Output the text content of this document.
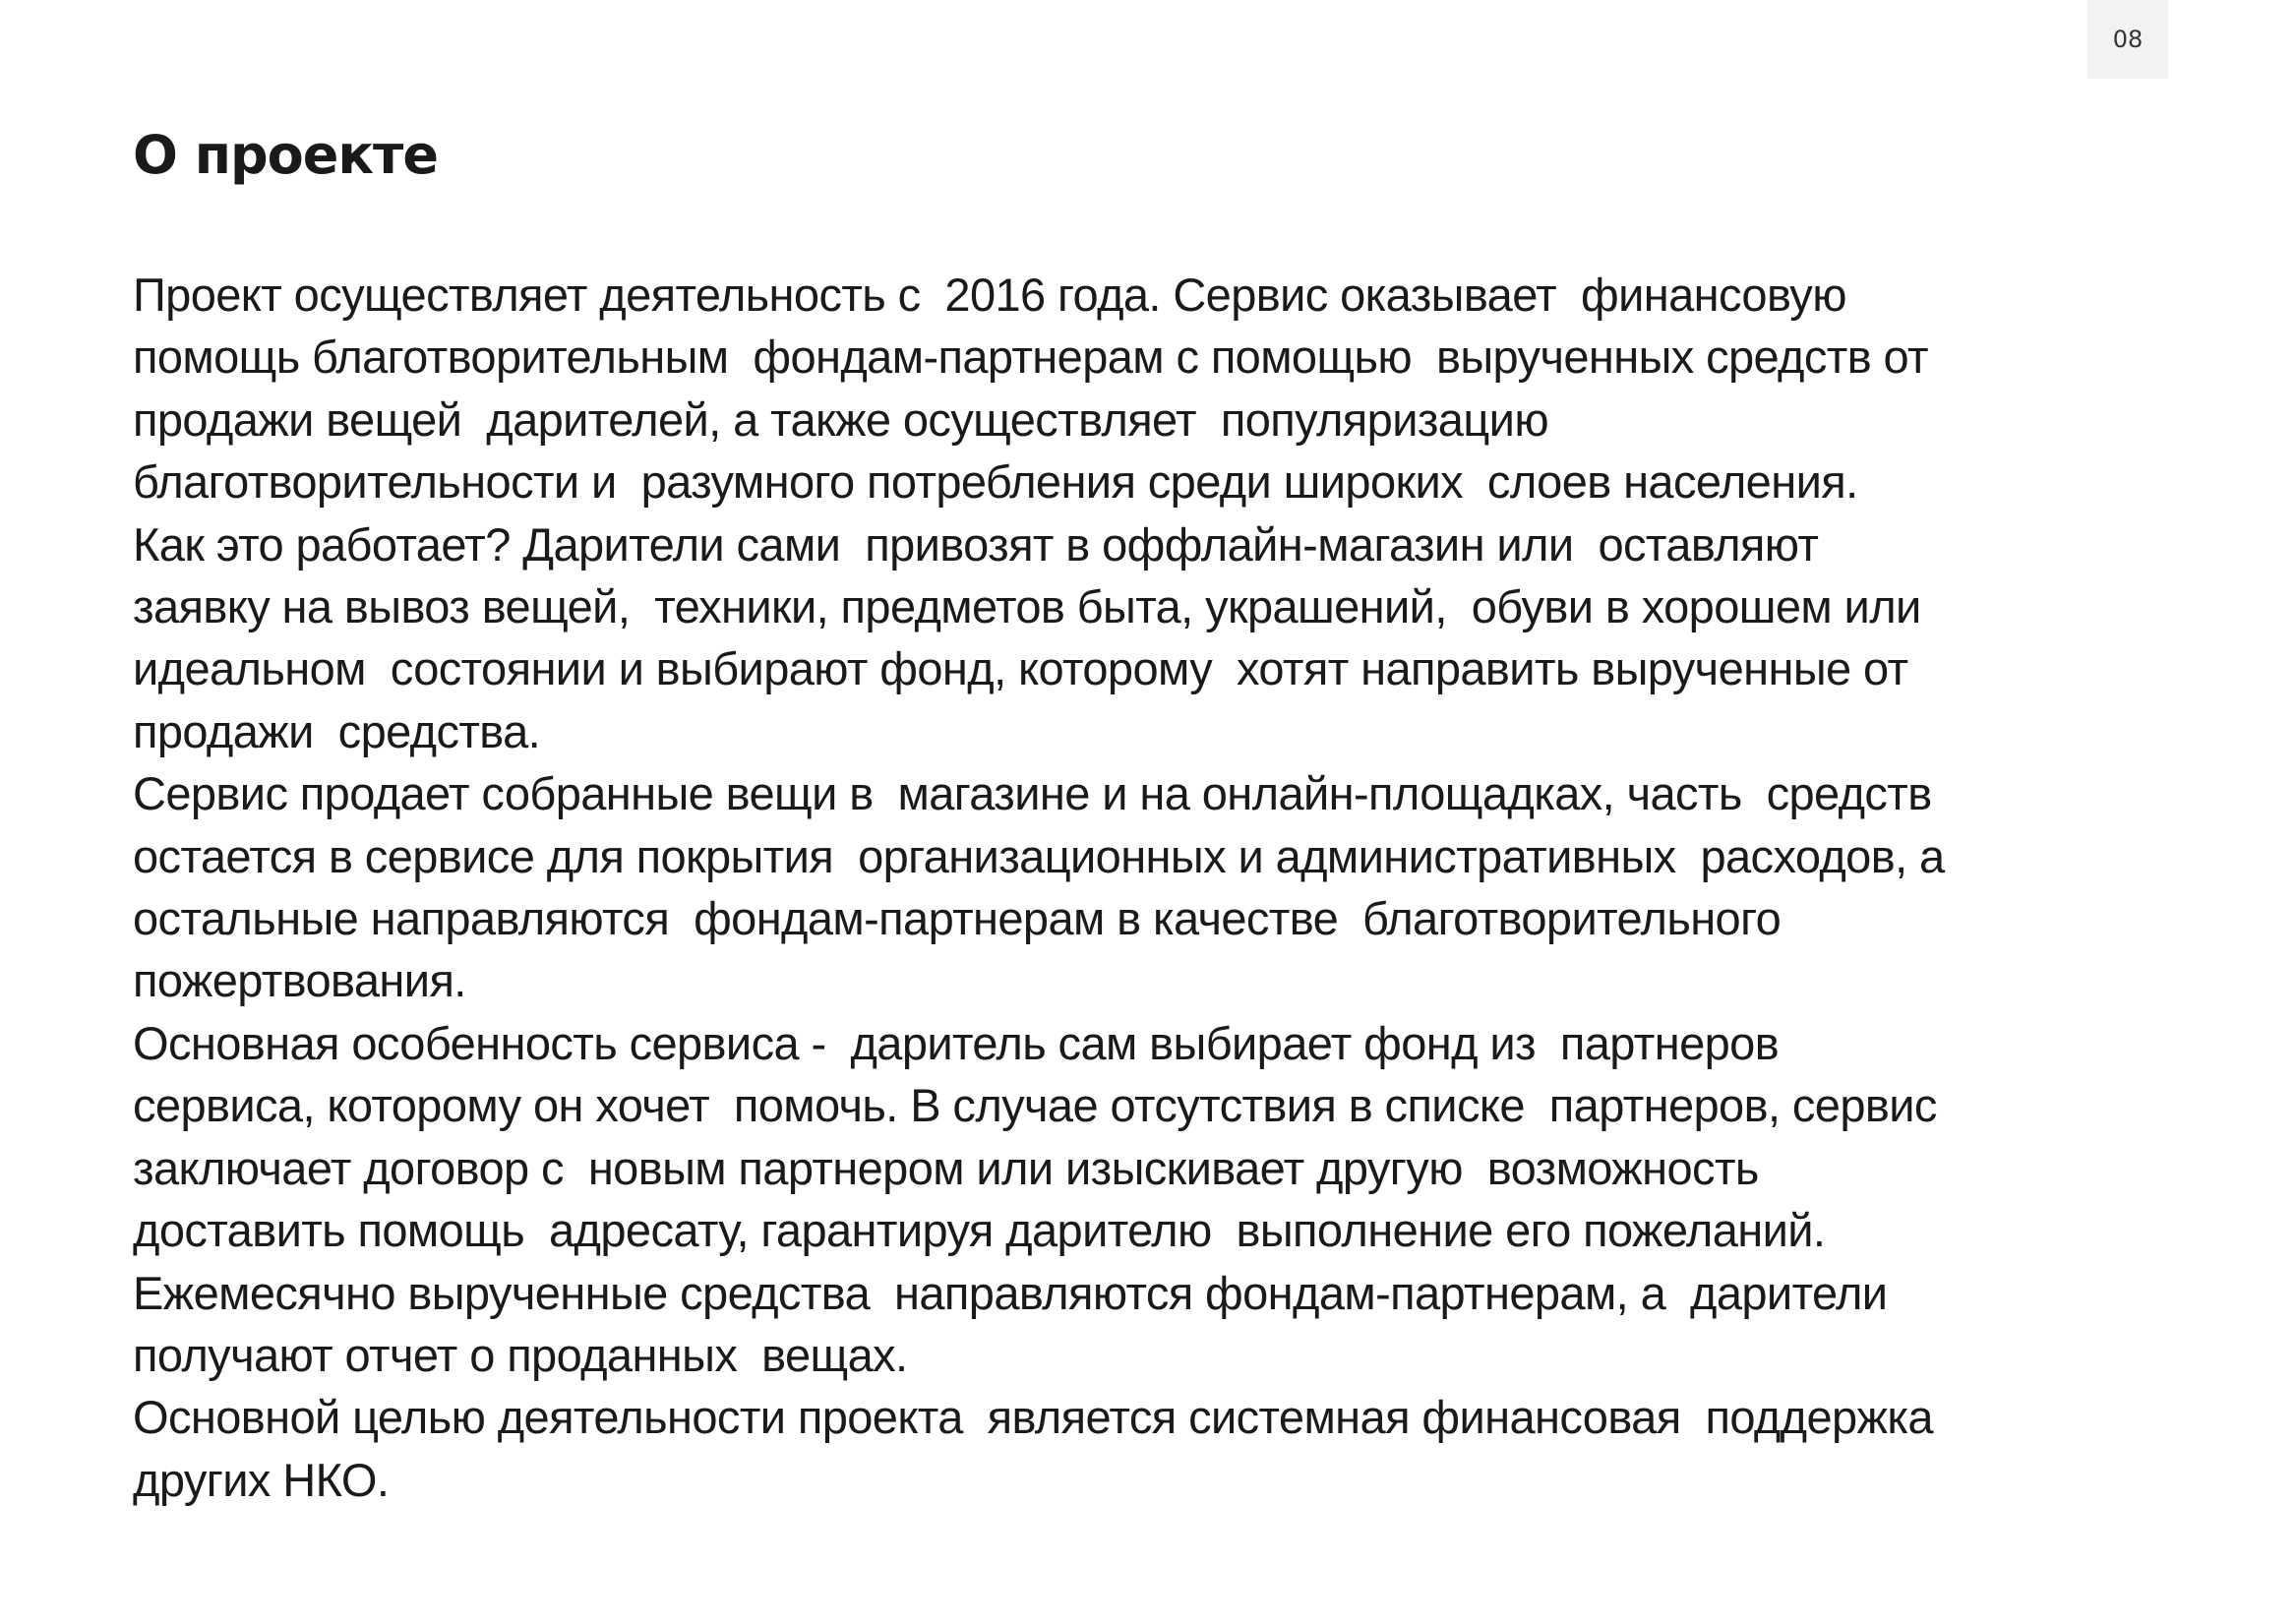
08
О проекте
Проект осуществляет деятельность с  2016 года. Сервис оказывает  финансовую
помощь благотворительным  фондам-партнерам с помощью  вырученных средств от
продажи вещей  дарителей, а также осуществляет  популяризацию
благотворительности и  разумного потребления среди широких  слоев населения.
Как это работает? Дарители сами  привозят в оффлайн-магазин или  оставляют
заявку на вывоз вещей,  техники, предметов быта, украшений,  обуви в хорошем или
идеальном  состоянии и выбирают фонд, которому  хотят направить вырученные от
продажи  средства.
Сервис продает собранные вещи в  магазине и на онлайн-площадках, часть  средств
остается в сервисе для покрытия  организационных и административных  расходов, а
остальные направляются  фондам-партнерам в качестве  благотворительного
пожертвования.
Основная особенность сервиса -  даритель сам выбирает фонд из  партнеров
сервиса, которому он хочет  помочь. В случае отсутствия в списке  партнеров, сервис
заключает договор с  новым партнером или изыскивает другую  возможность
доставить помощь  адресату, гарантируя дарителю  выполнение его пожеланий.
Ежемесячно вырученные средства  направляются фондам-партнерам, а  дарители
получают отчет о проданных  вещах.
Основной целью деятельности проекта  является системная финансовая  поддержка
других НКО.
